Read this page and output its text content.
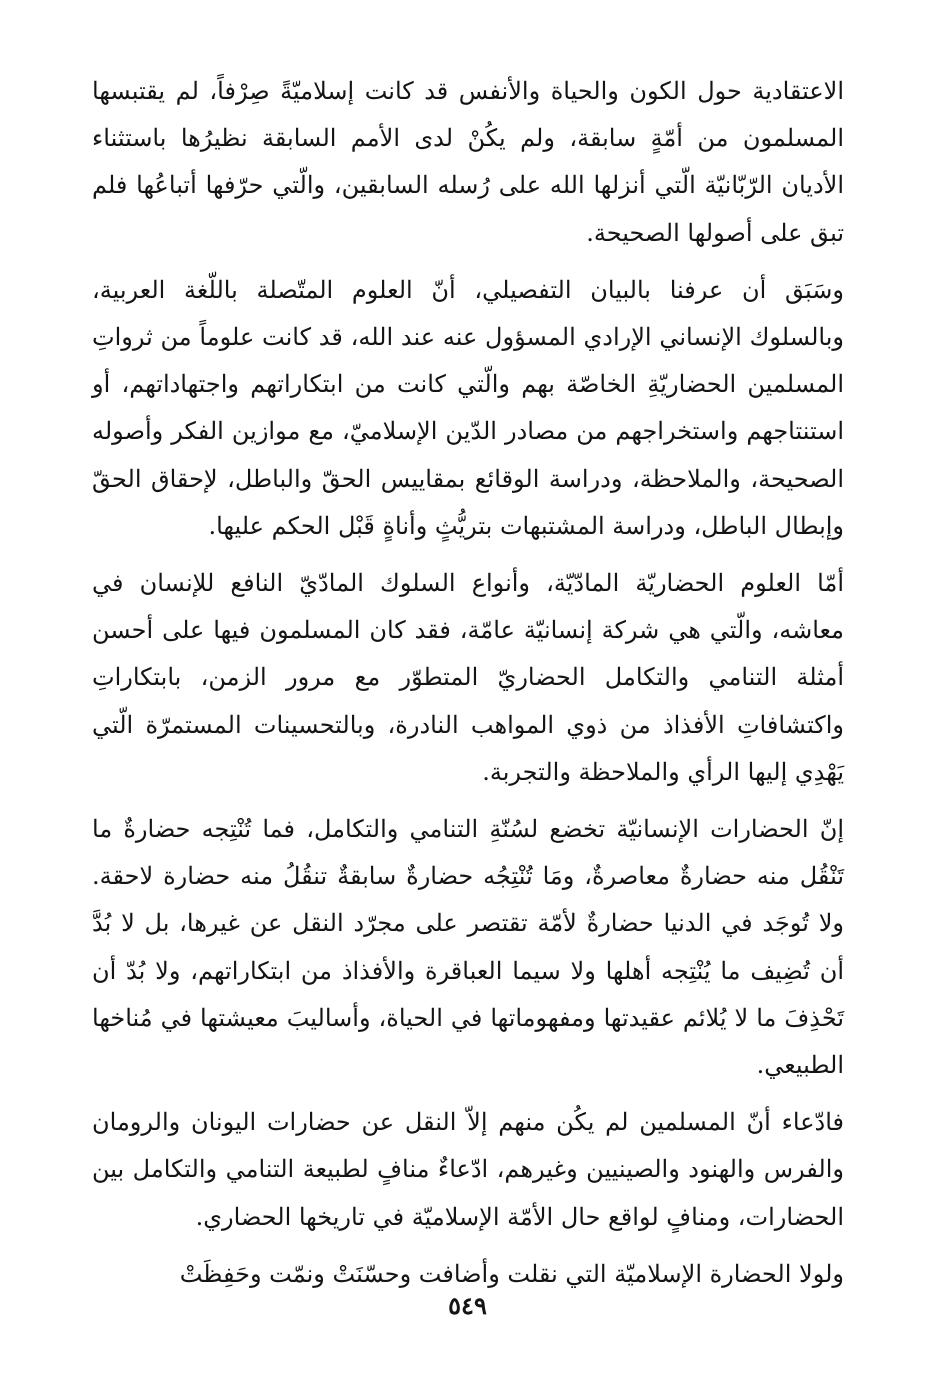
الاعتقادية حول الكون والحياة والأنفس قد كانت إسلاميّةً صِرْفاً، لم يقتبسها المسلمون من أمّةٍ سابقة، ولم يكُنْ لدى الأمم السابقة نظيرُها باستثناء الأديان الرّبّانيّة الّتي أنزلها الله على رُسله السابقين، والّتي حرّفها أتباعُها فلم تبق على أصولها الصحيحة.

وسَبَق أن عرفنا بالبيان التفصيلي، أنّ العلوم المتّصلة باللّغة العربية، وبالسلوك الإنساني الإرادي المسؤول عنه عند الله، قد كانت علوماً من ثرواتِ المسلمين الحضاريّةِ الخاصّة بهم والّتي كانت من ابتكاراتهم واجتهاداتهم، أو استنتاجهم واستخراجهم من مصادر الدّين الإسلاميّ، مع موازين الفكر وأصوله الصحيحة، والملاحظة، ودراسة الوقائع بمقاييس الحقّ والباطل، لإحقاق الحقّ وإبطال الباطل، ودراسة المشتبهات بتريُّثٍ وأناةٍ قَبْل الحكم عليها.

أمّا العلوم الحضاريّة المادّيّة، وأنواع السلوك المادّيّ النافع للإنسان في معاشه، والّتي هي شركة إنسانيّة عامّة، فقد كان المسلمون فيها على أحسن أمثلة التنامي والتكامل الحضاريّ المتطوّر مع مرور الزمن، بابتكاراتِ واكتشافاتِ الأفذاذ من ذوي المواهب النادرة، وبالتحسينات المستمرّة الّتي يَهْدِي إليها الرأي والملاحظة والتجربة.

إنّ الحضارات الإنسانيّة تخضع لسُنّةِ التنامي والتكامل، فما تُنْتِجه حضارةٌ ما تَنْقُل منه حضارةٌ معاصرةٌ، ومَا تُنْتِجُه حضارةٌ سابقةٌ تنقُلُ منه حضارة لاحقة. ولا تُوجَد في الدنيا حضارةٌ لأمّة تقتصر على مجرّد النقل عن غيرها، بل لا بُدَّ أن تُضِيف ما يُنْتِجه أهلها ولا سيما العباقرة والأفذاذ من ابتكاراتهم، ولا بُدّ أن تَحْذِفَ ما لا يُلائم عقيدتها ومفهوماتها في الحياة، وأساليبَ معيشتها في مُناخها الطبيعي.

فادّعاء أنّ المسلمين لم يكُن منهم إلاّ النقل عن حضارات اليونان والرومان والفرس والهنود والصينيين وغيرهم، ادّعاءٌ منافٍ لطبيعة التنامي والتكامل بين الحضارات، ومنافٍ لواقع حال الأمّة الإسلاميّة في تاريخها الحضاري.

ولولا الحضارة الإسلاميّة التي نقلت وأضافت وحسّنَتْ ونمّت وحَفِظَتْ

٥٤٩
